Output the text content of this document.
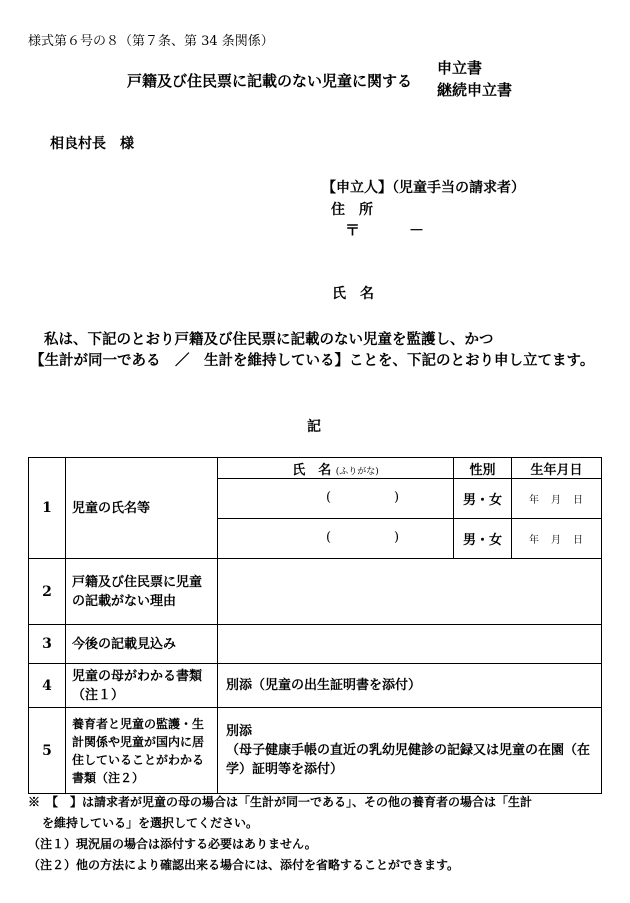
様式第６号の８（第７条、第 34 条関係）
戸籍及び住民票に記載のない児童に関する
申立書
継続申立書
相良村長　様
【申立人】（児童手当の請求者）
住　所
〒	－
氏　名
私は、下記のとおり戸籍及び住民票に記載のない児童を監護し、かつ
【生計が同一である　／　生計を維持している】ことを、下記のとおり申し立てます。
記
1	児童の氏名等	氏　名 (ふりがな)	性別	生年月日

		( )	男・女	年　月　日

		( )	男・女	年　月　日
2	戸籍及び住民票に児童の記載がない理由			
3	今後の記載見込み			
4	児童の母がわかる書類（注１）	別添（児童の出生証明書を添付）		
5	養育者と児童の監護・生計関係や児童が国内に居住していることがわかる書類（注２）	別添
（母子健康手帳の直近の乳幼児健診の記録又は児童の在園（在学）証明等を添付）		
※　【　】は請求者が児童の母の場合は「生計が同一である」、その他の養育者の場合は「生計
を維持している」を選択してください。
（注１）現況届の場合は添付する必要はありません。
（注２）他の方法により確認出来る場合には、添付を省略することができます。
